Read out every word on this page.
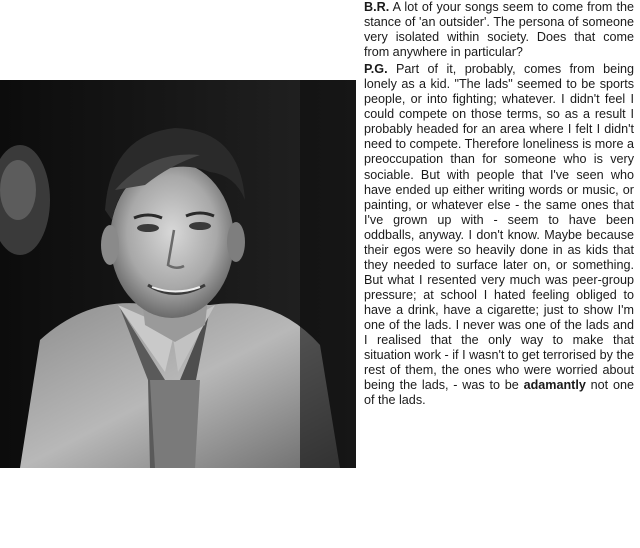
B.R. A lot of your songs seem to come from the stance of 'an outsider'. The persona of someone very isolated within society. Does that come from anywhere in particular?

P.G. Part of it, probably, comes from being lonely as a kid. "The lads" seemed to be sports people, or into fighting; whatever. I didn't feel I could compete on those terms, so as a result I probably headed for an area where I felt I didn't need to compete. Therefore loneliness is more a preoccupation than for someone who is very sociable. But with people that I've seen who have ended up either writing words or music, or painting, or whatever else - the same ones that I've grown up with - seem to have been oddballs, anyway. I don't know. Maybe because their egos were so heavily done in as kids that they needed to surface later on, or something. But what I resented very much was peer-group pressure; at school I hated feeling obliged to have a drink, have a cigarette; just to show I'm one of the lads. I never was one of the lads and I realised that the only way to make that situation work - if I wasn't to get terrorised by the rest of them, the ones who were worried about being the lads, - was to be adamantly not one of the lads.
